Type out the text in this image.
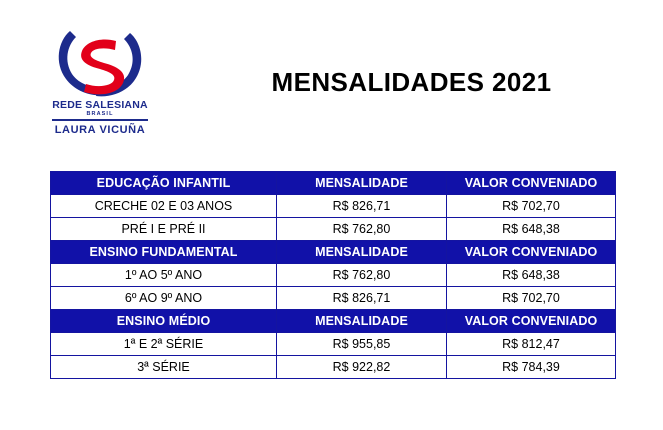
REDE SALESIANA
BRASIL
LAURA VICUÑA
MENSALIDADES 2021
EDUCAÇÃO INFANTIL	MENSALIDADE	VALOR CONVENIADO
CRECHE 02 E 03 ANOS	R$ 826,71	R$ 702,70
PRÉ I E PRÉ II	R$ 762,80	R$ 648,38
ENSINO FUNDAMENTAL	MENSALIDADE	VALOR CONVENIADO
1º AO 5º ANO	R$ 762,80	R$ 648,38
6º AO 9º ANO	R$ 826,71	R$ 702,70
ENSINO MÉDIO	MENSALIDADE	VALOR CONVENIADO
1ª E 2ª SÉRIE	R$ 955,85	R$ 812,47
3ª SÉRIE	R$ 922,82	R$ 784,39
